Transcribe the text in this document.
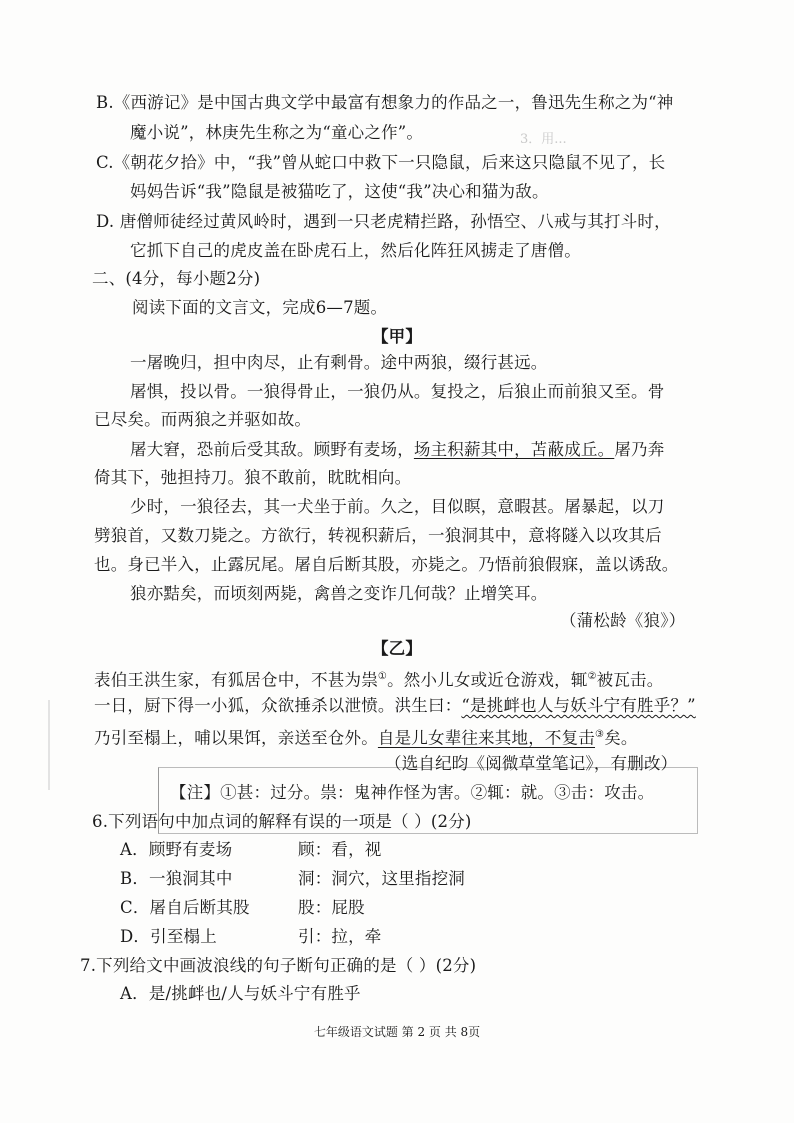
3．用...
B.《西游记》是中国古典文学中最富有想象力的作品之一，鲁迅先生称之为“神
魔小说”，林庚先生称之为“童心之作”。
C.《朝花夕拾》中，“我”曾从蛇口中救下一只隐鼠，后来这只隐鼠不见了，长
妈妈告诉“我”隐鼠是被猫吃了，这使“我”决心和猫为敌。
D. 唐僧师徒经过黄风岭时，遇到一只老虎精拦路，孙悟空、八戒与其打斗时，
它抓下自己的虎皮盖在卧虎石上，然后化阵狂风掳走了唐僧。
二、(4分，每小题2分)
阅读下面的文言文，完成6—7题。
【甲】
一屠晚归，担中肉尽，止有剩骨。途中两狼，缀行甚远。
屠惧，投以骨。一狼得骨止，一狼仍从。复投之，后狼止而前狼又至。骨
已尽矣。而两狼之并驱如故。
屠大窘，恐前后受其敌。顾野有麦场，场主积薪其中，苫蔽成丘。屠乃奔
倚其下，弛担持刀。狼不敢前，眈眈相向。
少时，一狼径去，其一犬坐于前。久之，目似瞑，意暇甚。屠暴起，以刀
劈狼首，又数刀毙之。方欲行，转视积薪后，一狼洞其中，意将隧入以攻其后
也。身已半入，止露尻尾。屠自后断其股，亦毙之。乃悟前狼假寐，盖以诱敌。
狼亦黠矣，而顷刻两毙，禽兽之变诈几何哉？止增笑耳。
（蒲松龄《狼》）
【乙】
表伯王洪生家，有狐居仓中，不甚为祟①。然小儿女或近仓游戏，辄②被瓦击。
一日，厨下得一小狐，众欲捶杀以泄愤。洪生曰：“是挑衅也人与妖斗宁有胜乎？”
乃引至榻上，哺以果饵，亲送至仓外。自是儿女辈往来其地，不复击③矣。
（选自纪昀《阅微草堂笔记》，有删改）
【注】①甚：过分。祟：鬼神作怪为害。②辄：就。③击：攻击。
6.下列语句中加点词的解释有误的一项是（ ）(2分)
A．顾野有麦场	顾：看，视
B．一狼洞其中	洞：洞穴，这里指挖洞
C．屠自后断其股	股：屁股
D．引至榻上	引：拉，牵
7.下列给文中画波浪线的句子断句正确的是（ ）(2分)
A．是/挑衅也/人与妖斗宁有胜乎
七年级语文试题 第 2 页 共 8页
